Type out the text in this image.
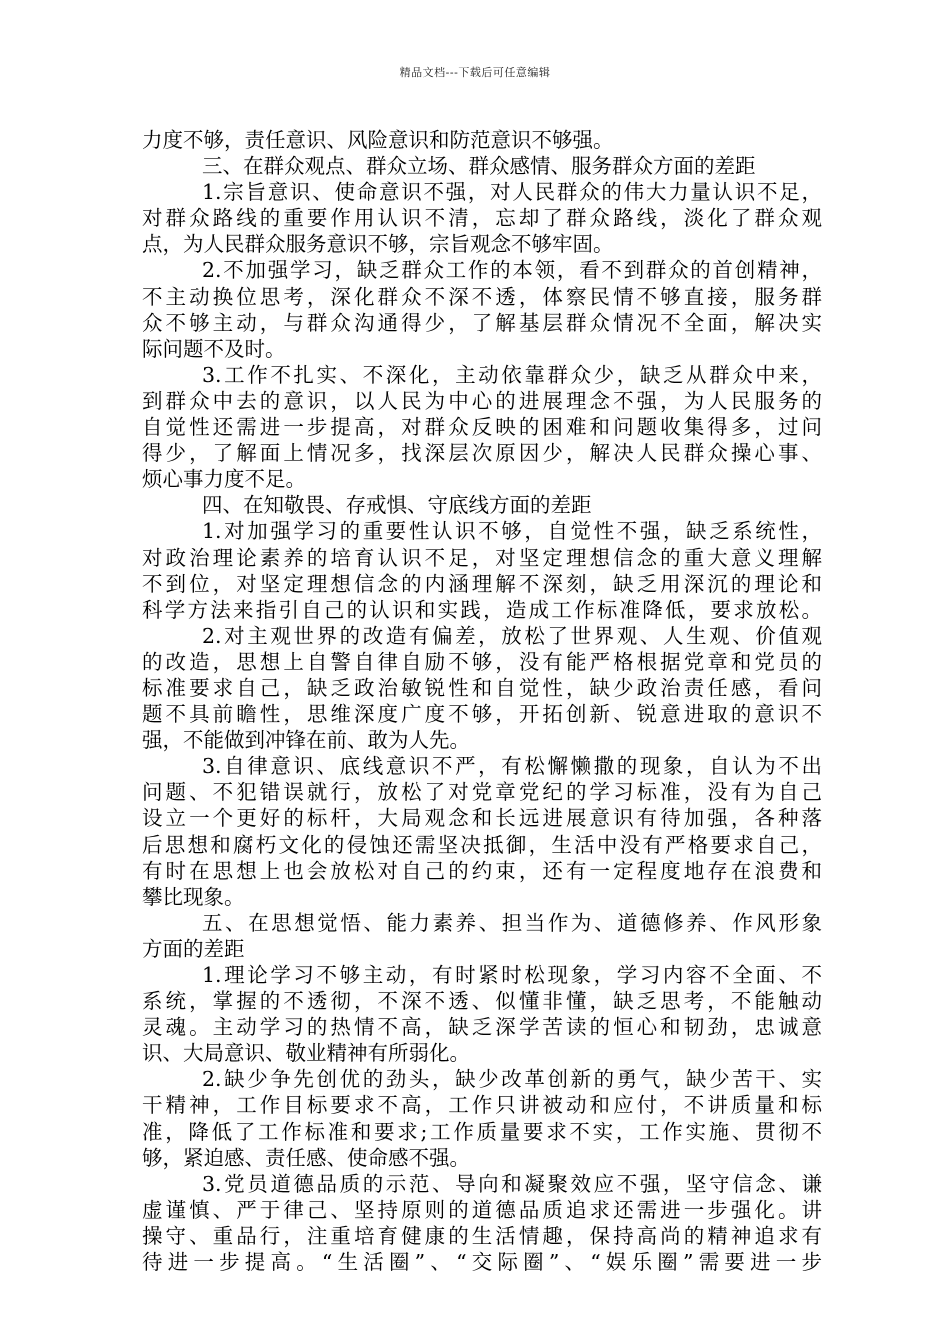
精品文档---下载后可任意编辑
力度不够，责任意识、风险意识和防范意识不够强。
三、在群众观点、群众立场、群众感情、服务群众方面的差距
1.宗旨意识、使命意识不强，对人民群众的伟大力量认识不足，
对群众路线的重要作用认识不清，忘却了群众路线，淡化了群众观
点，为人民群众服务意识不够，宗旨观念不够牢固。
2.不加强学习，缺乏群众工作的本领，看不到群众的首创精神，
不主动换位思考，深化群众不深不透，体察民情不够直接，服务群
众不够主动，与群众沟通得少，了解基层群众情况不全面，解决实
际问题不及时。
3.工作不扎实、不深化，主动依靠群众少，缺乏从群众中来，
到群众中去的意识，以人民为中心的进展理念不强，为人民服务的
自觉性还需进一步提高，对群众反映的困难和问题收集得多，过问
得少，了解面上情况多，找深层次原因少，解决人民群众操心事、
烦心事力度不足。
四、在知敬畏、存戒惧、守底线方面的差距
1.对加强学习的重要性认识不够，自觉性不强，缺乏系统性，
对政治理论素养的培育认识不足，对坚定理想信念的重大意义理解
不到位，对坚定理想信念的内涵理解不深刻，缺乏用深沉的理论和
科学方法来指引自己的认识和实践，造成工作标准降低，要求放松。
2.对主观世界的改造有偏差，放松了世界观、人生观、价值观
的改造，思想上自警自律自励不够，没有能严格根据党章和党员的
标准要求自己，缺乏政治敏锐性和自觉性，缺少政治责任感，看问
题不具前瞻性，思维深度广度不够，开拓创新、锐意进取的意识不
强，不能做到冲锋在前、敢为人先。
3.自律意识、底线意识不严，有松懈懒撒的现象，自认为不出
问题、不犯错误就行，放松了对党章党纪的学习标准，没有为自己
设立一个更好的标杆，大局观念和长远进展意识有待加强，各种落
后思想和腐朽文化的侵蚀还需坚决抵御，生活中没有严格要求自己，
有时在思想上也会放松对自己的约束，还有一定程度地存在浪费和
攀比现象。
五、在思想觉悟、能力素养、担当作为、道德修养、作风形象
方面的差距
1.理论学习不够主动，有时紧时松现象，学习内容不全面、不
系统，掌握的不透彻，不深不透、似懂非懂，缺乏思考，不能触动
灵魂。主动学习的热情不高，缺乏深学苦读的恒心和韧劲，忠诚意
识、大局意识、敬业精神有所弱化。
2.缺少争先创优的劲头，缺少改革创新的勇气，缺少苦干、实
干精神，工作目标要求不高，工作只讲被动和应付，不讲质量和标
准，降低了工作标准和要求;工作质量要求不实，工作实施、贯彻不
够，紧迫感、责任感、使命感不强。
3.党员道德品质的示范、导向和凝聚效应不强，坚守信念、谦
虚谨慎、严于律己、坚持原则的道德品质追求还需进一步强化。讲
操守、重品行，注重培育健康的生活情趣，保持高尚的精神追求有
待进一步提高。“生活圈”、“交际圈”、“娱乐圈”需要进一步
